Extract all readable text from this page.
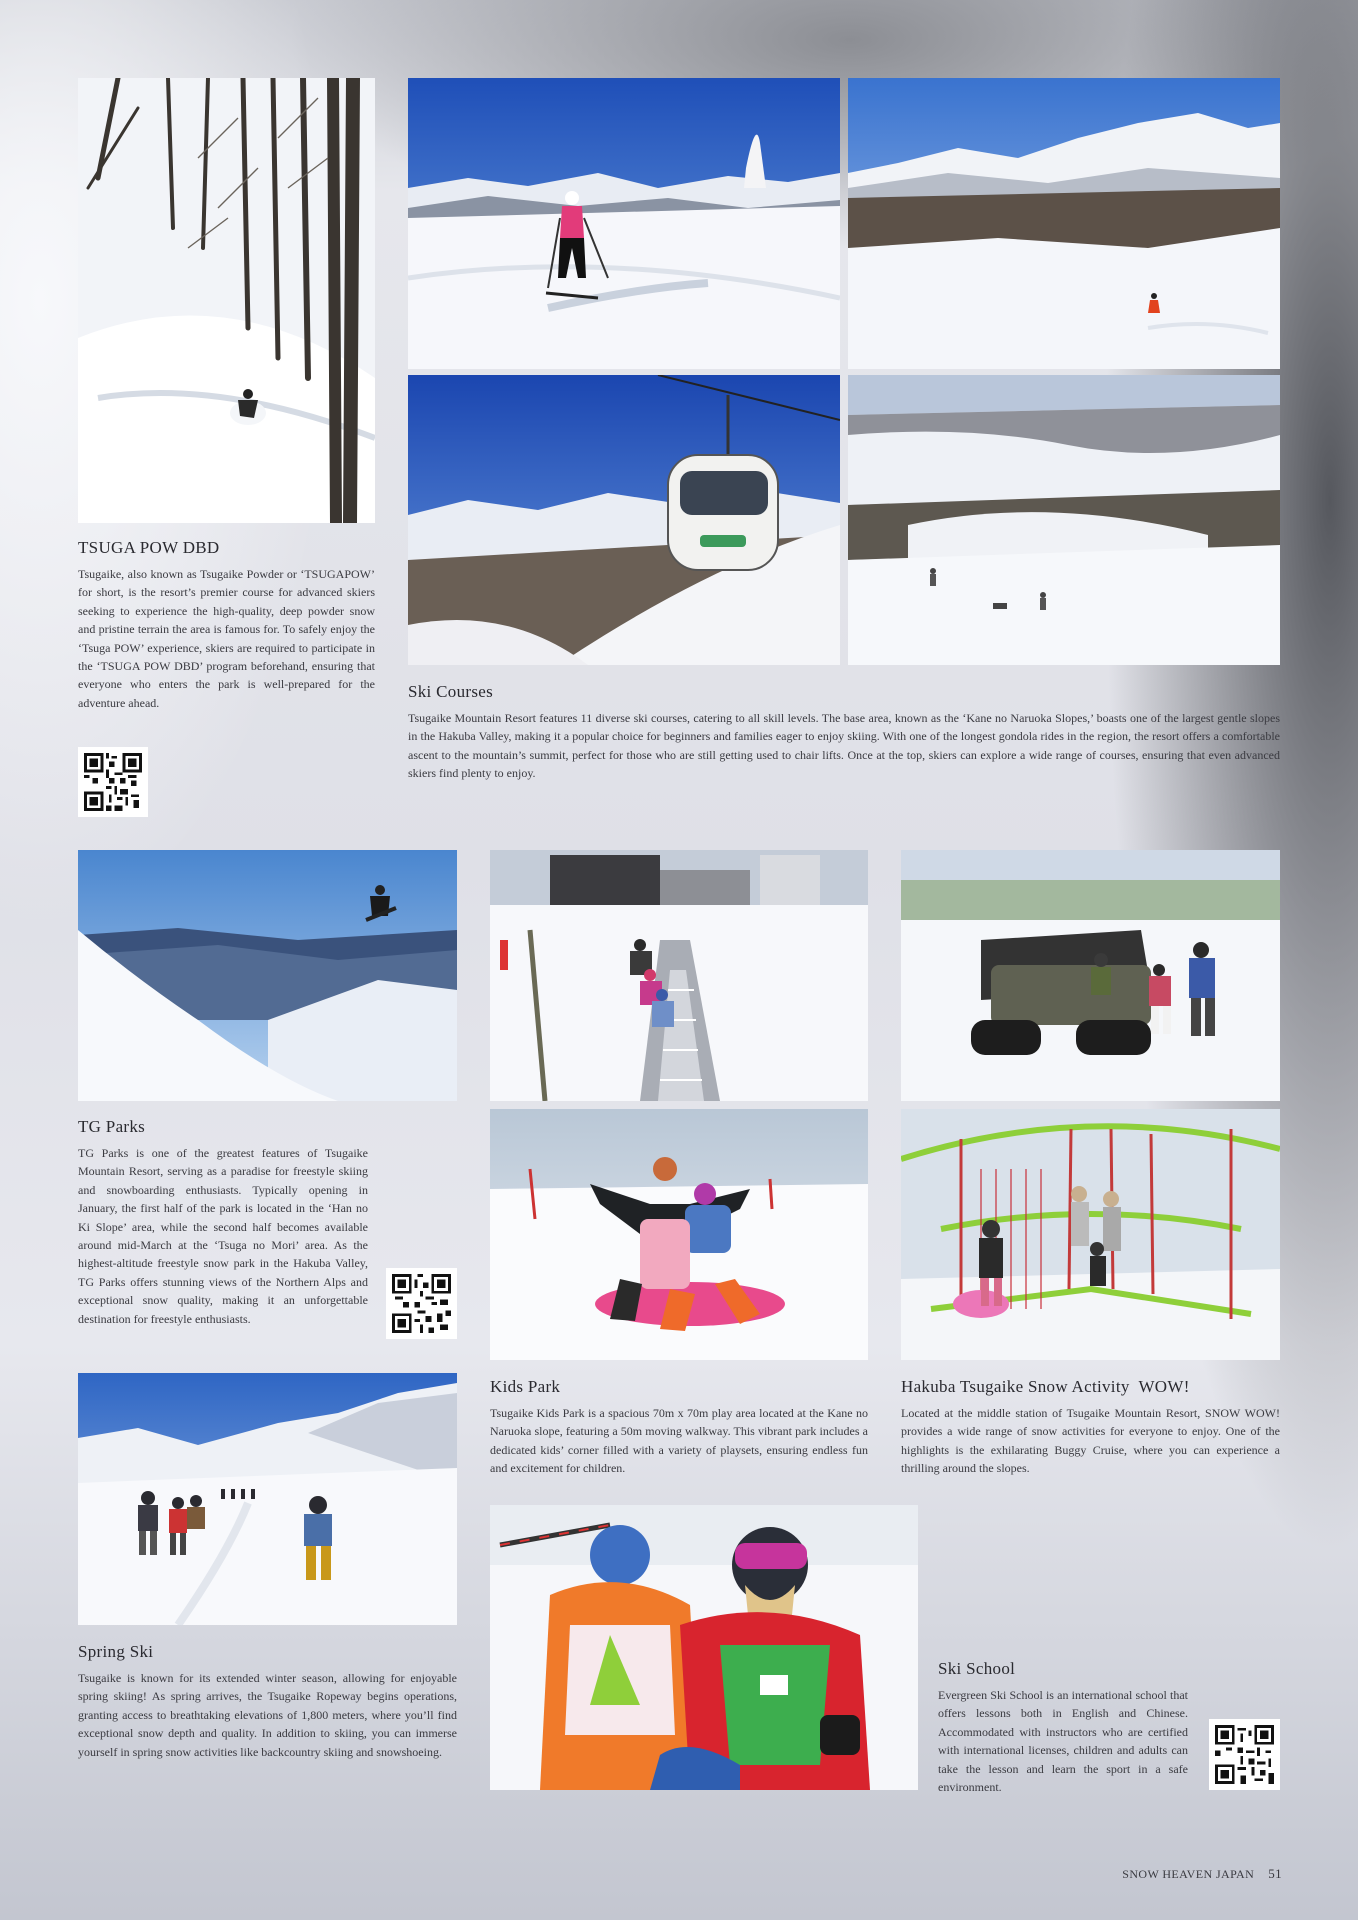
TSUGA POW DBD

Tsugaike, also known as Tsugaike Powder or ‘TSUGAPOW’ for short, is the resort’s premier course for advanced skiers seeking to experience the high-quality, deep powder snow and pristine terrain the area is famous for. To safely enjoy the ‘Tsuga POW’ experience, skiers are required to participate in the ‘TSUGA POW DBD’ program beforehand, ensuring that everyone who enters the park is well-prepared for the adventure ahead.

Ski Courses

Tsugaike Mountain Resort features 11 diverse ski courses, catering to all skill levels. The base area, known as the ‘Kane no Naruoka Slopes,’ boasts one of the largest gentle slopes in the Hakuba Valley, making it a popular choice for beginners and families eager to enjoy skiing. With one of the longest gondola rides in the region, the resort offers a comfortable ascent to the mountain’s summit, perfect for those who are still getting used to chair lifts. Once at the top, skiers can explore a wide range of courses, ensuring that even advanced skiers find plenty to enjoy.

TG Parks

TG Parks is one of the greatest features of Tsugaike Mountain Resort, serving as a paradise for freestyle skiing and snowboarding enthusiasts. Typically opening in January, the first half of the park is located in the ‘Han no Ki Slope’ area, while the second half becomes available around mid-March at the ‘Tsuga no Mori’ area. As the highest-altitude freestyle snow park in the Hakuba Valley, TG Parks offers stunning views of the Northern Alps and exceptional snow quality, making it an unforgettable destination for freestyle enthusiasts.

Kids Park

Tsugaike Kids Park is a spacious 70m x 70m play area located at the Kane no Naruoka slope, featuring a 50m moving walkway. This vibrant park includes a dedicated kids’ corner filled with a variety of playsets, ensuring endless fun and excitement for children.

Hakuba Tsugaike Snow Activity  WOW!

Located at the middle station of Tsugaike Mountain Resort, SNOW WOW! provides a wide range of snow activities for everyone to enjoy. One of the highlights is the exhilarating Buggy Cruise, where you can experience a thrilling around the slopes.

Spring Ski

Tsugaike is known for its extended winter season, allowing for enjoyable spring skiing! As spring arrives, the Tsugaike Ropeway begins operations, granting access to breathtaking elevations of 1,800 meters, where you’ll find exceptional snow depth and quality. In addition to skiing, you can immerse yourself in spring snow activities like backcountry skiing and snowshoeing.

Ski School

Evergreen Ski School is an international school that offers lessons both in English and Chinese. Accommodated with instructors who are certified with international licenses, children and adults can take the lesson and learn the sport in a safe environment.

SNOW HEAVEN JAPAN 51
